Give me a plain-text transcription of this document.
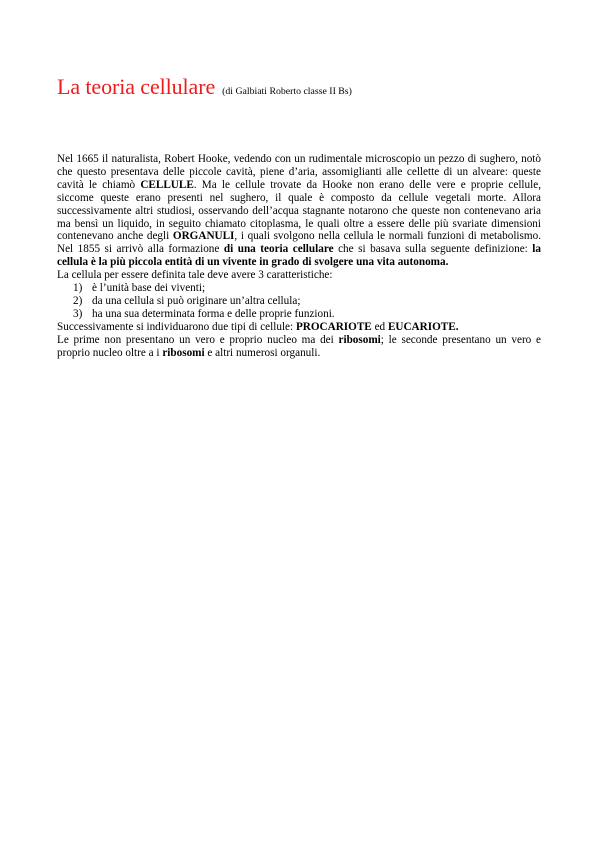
La teoria cellulare (di Galbiati Roberto classe II Bs)

Nel 1665 il naturalista, Robert Hooke, vedendo con un rudimentale microscopio un pezzo di sughero, notò che questo presentava delle piccole cavità, piene d’aria, assomiglianti alle cellette di un alveare: queste cavità le chiamò CELLULE. Ma le cellule trovate da Hooke non erano delle vere e proprie cellule, siccome queste erano presenti nel sughero, il quale è composto da cellule vegetali morte. Allora successivamente altri studiosi, osservando dell’acqua stagnante notarono che queste non contenevano aria ma bensì un liquido, in seguito chiamato citoplasma, le quali oltre a essere delle più svariate dimensioni contenevano anche degli ORGANULI, i quali svolgono nella cellula le normali funzioni di metabolismo. Nel 1855 si arrivò alla formazione di una teoria cellulare che si basava sulla seguente definizione: la cellula è la più piccola entità di un vivente in grado di svolgere una vita autonoma.

La cellula per essere definita tale deve avere 3 caratteristiche:

1) è l’unità base dei viventi;
2) da una cellula si può originare un’altra cellula;
3) ha una sua determinata forma e delle proprie funzioni.

Successivamente si individuarono due tipi di cellule: PROCARIOTE ed EUCARIOTE.

Le prime non presentano un vero e proprio nucleo ma dei ribosomi; le seconde presentano un vero e proprio nucleo oltre a i ribosomi e altri numerosi organuli.
